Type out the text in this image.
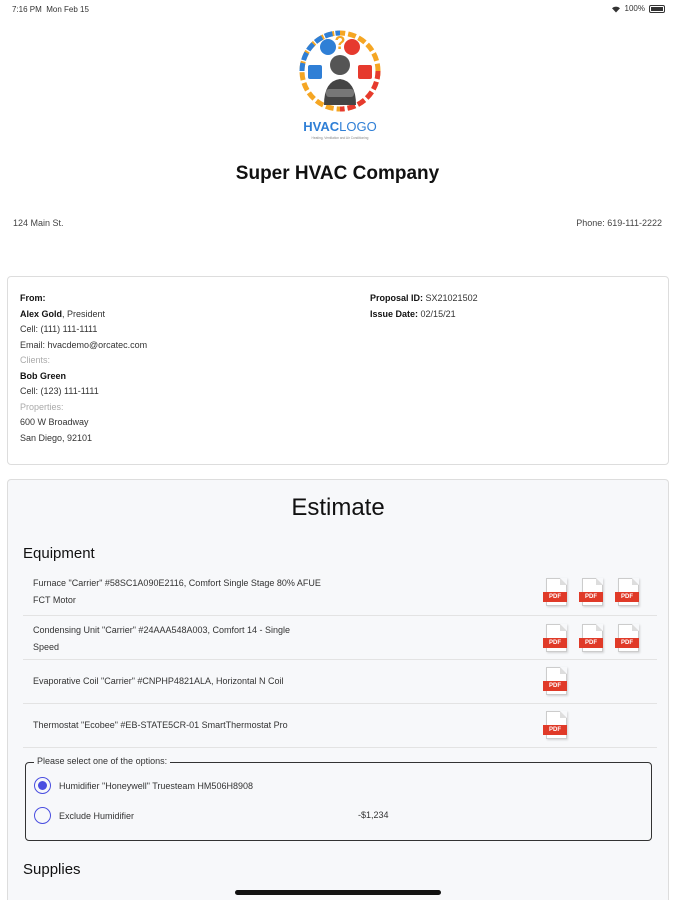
7:16 PM Mon Feb 15	100%
?
HVACLOGO
Heating, Ventilation and Air Conditioning
Super HVAC Company
124 Main St.	Phone: 619-111-2222
From:
Alex Gold, President
Cell: (111) 111-1111
Email: hvacdemo@orcatec.com
Clients:
Bob Green
Cell: (123) 111-1111
Properties:
600 W Broadway
San Diego, 92101
Proposal ID: SX21021502
Issue Date: 02/15/21
Estimate
Equipment
Furnace "Carrier" #58SC1A090E2116, Comfort Single Stage 80% AFUE
FCT Motor	PDF	PDF	PDF
Condensing Unit "Carrier" #24AAA548A003, Comfort 14 - Single
Speed	PDF	PDF	PDF
Evaporative Coil "Carrier" #CNPHP4821ALA, Horizontal N Coil	PDF
Thermostat "Ecobee" #EB-STATE5CR-01 SmartThermostat Pro	PDF
Please select one of the options:
Humidifier "Honeywell" Truesteam HM506H8908
Exclude Humidifier	-$1,234
Supplies
